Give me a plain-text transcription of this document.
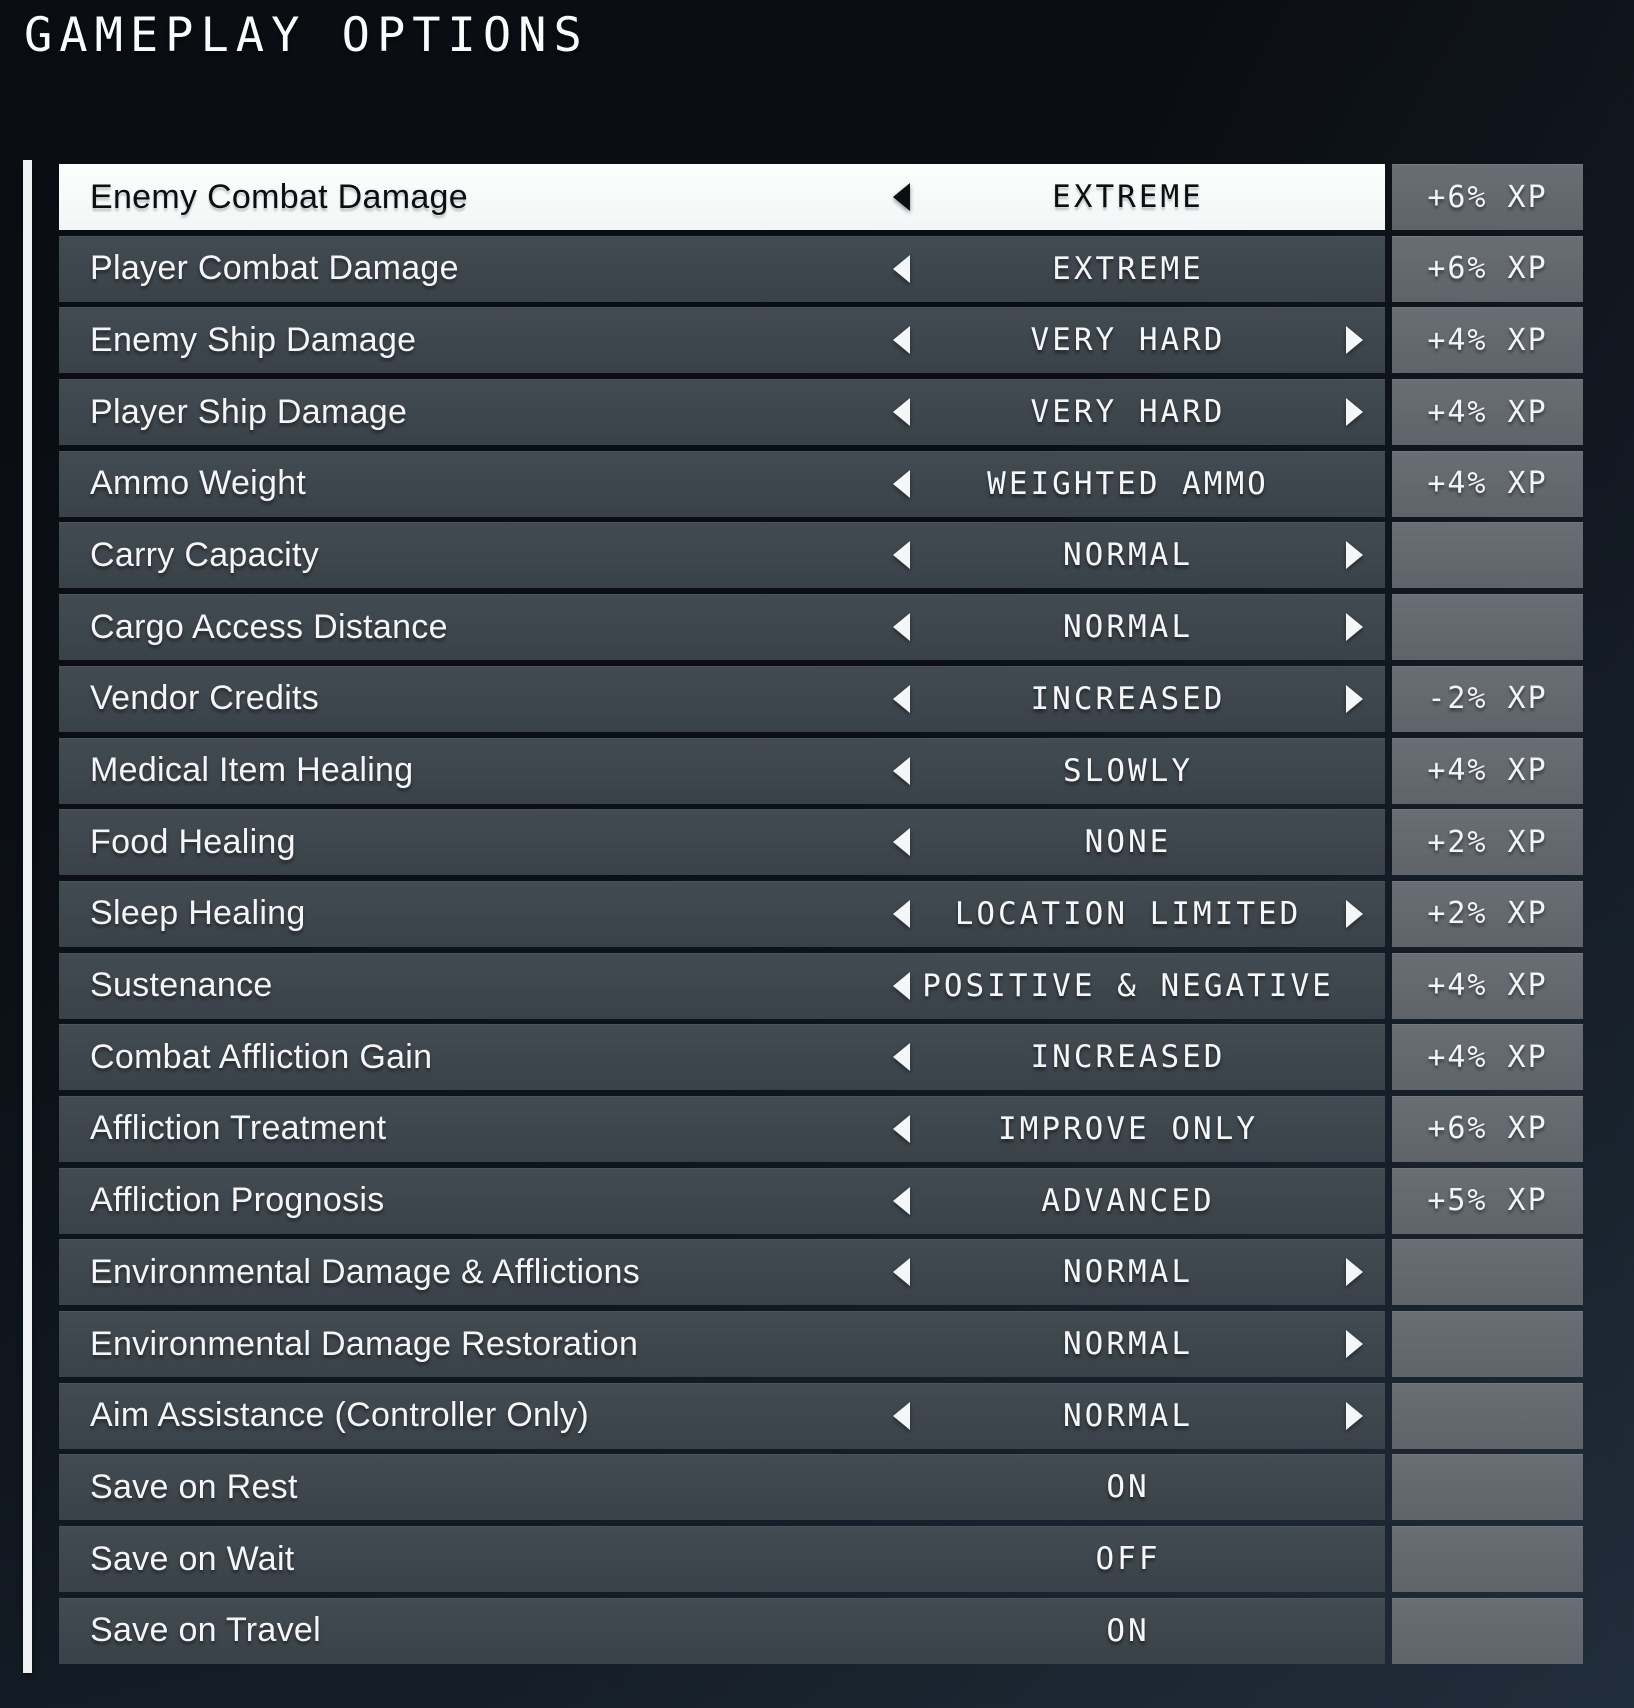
GAMEPLAY OPTIONS
Enemy Combat Damage	EXTREME	+6% XP
Player Combat Damage	EXTREME	+6% XP
Enemy Ship Damage	VERY HARD	+4% XP
Player Ship Damage	VERY HARD	+4% XP
Ammo Weight	WEIGHTED AMMO	+4% XP
Carry Capacity	NORMAL
Cargo Access Distance	NORMAL
Vendor Credits	INCREASED	-2% XP
Medical Item Healing	SLOWLY	+4% XP
Food Healing	NONE	+2% XP
Sleep Healing	LOCATION LIMITED	+2% XP
Sustenance	POSITIVE & NEGATIVE	+4% XP
Combat Affliction Gain	INCREASED	+4% XP
Affliction Treatment	IMPROVE ONLY	+6% XP
Affliction Prognosis	ADVANCED	+5% XP
Environmental Damage & Afflictions	NORMAL
Environmental Damage Restoration	NORMAL
Aim Assistance (Controller Only)	NORMAL
Save on Rest	ON
Save on Wait	OFF
Save on Travel	ON
